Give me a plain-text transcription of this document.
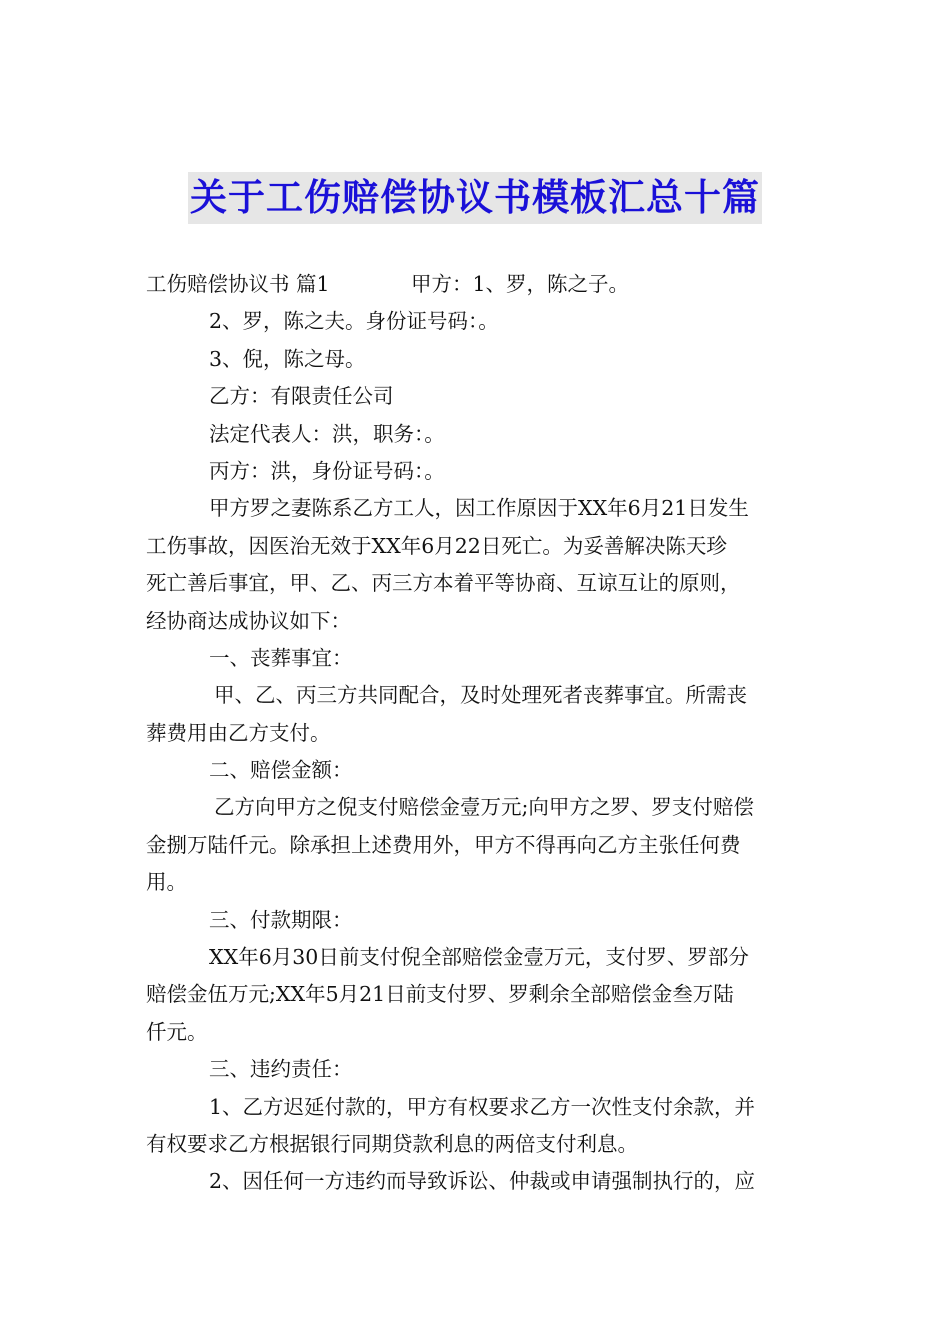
关于工伤赔偿协议书模板汇总十篇
工伤赔偿协议书 篇1	甲方：1、罗，陈之子。
2、罗，陈之夫。身份证号码：。
3、倪，陈之母。
乙方：有限责任公司
法定代表人：洪，职务：。
丙方：洪，身份证号码：。
甲方罗之妻陈系乙方工人，因工作原因于XX年6月21日发生
工伤事故，因医治无效于XX年6月22日死亡。为妥善解决陈天珍
死亡善后事宜，甲、乙、丙三方本着平等协商、互谅互让的原则，
经协商达成协议如下：
一、丧葬事宜：
甲、乙、丙三方共同配合，及时处理死者丧葬事宜。所需丧
葬费用由乙方支付。
二、赔偿金额：
乙方向甲方之倪支付赔偿金壹万元;向甲方之罗、罗支付赔偿
金捌万陆仟元。除承担上述费用外，甲方不得再向乙方主张任何费
用。
三、付款期限：
XX年6月30日前支付倪全部赔偿金壹万元，支付罗、罗部分
赔偿金伍万元;XX年5月21日前支付罗、罗剩余全部赔偿金叁万陆
仟元。
三、违约责任：
1、乙方迟延付款的，甲方有权要求乙方一次性支付余款，并
有权要求乙方根据银行同期贷款利息的两倍支付利息。
2、因任何一方违约而导致诉讼、仲裁或申请强制执行的，应
